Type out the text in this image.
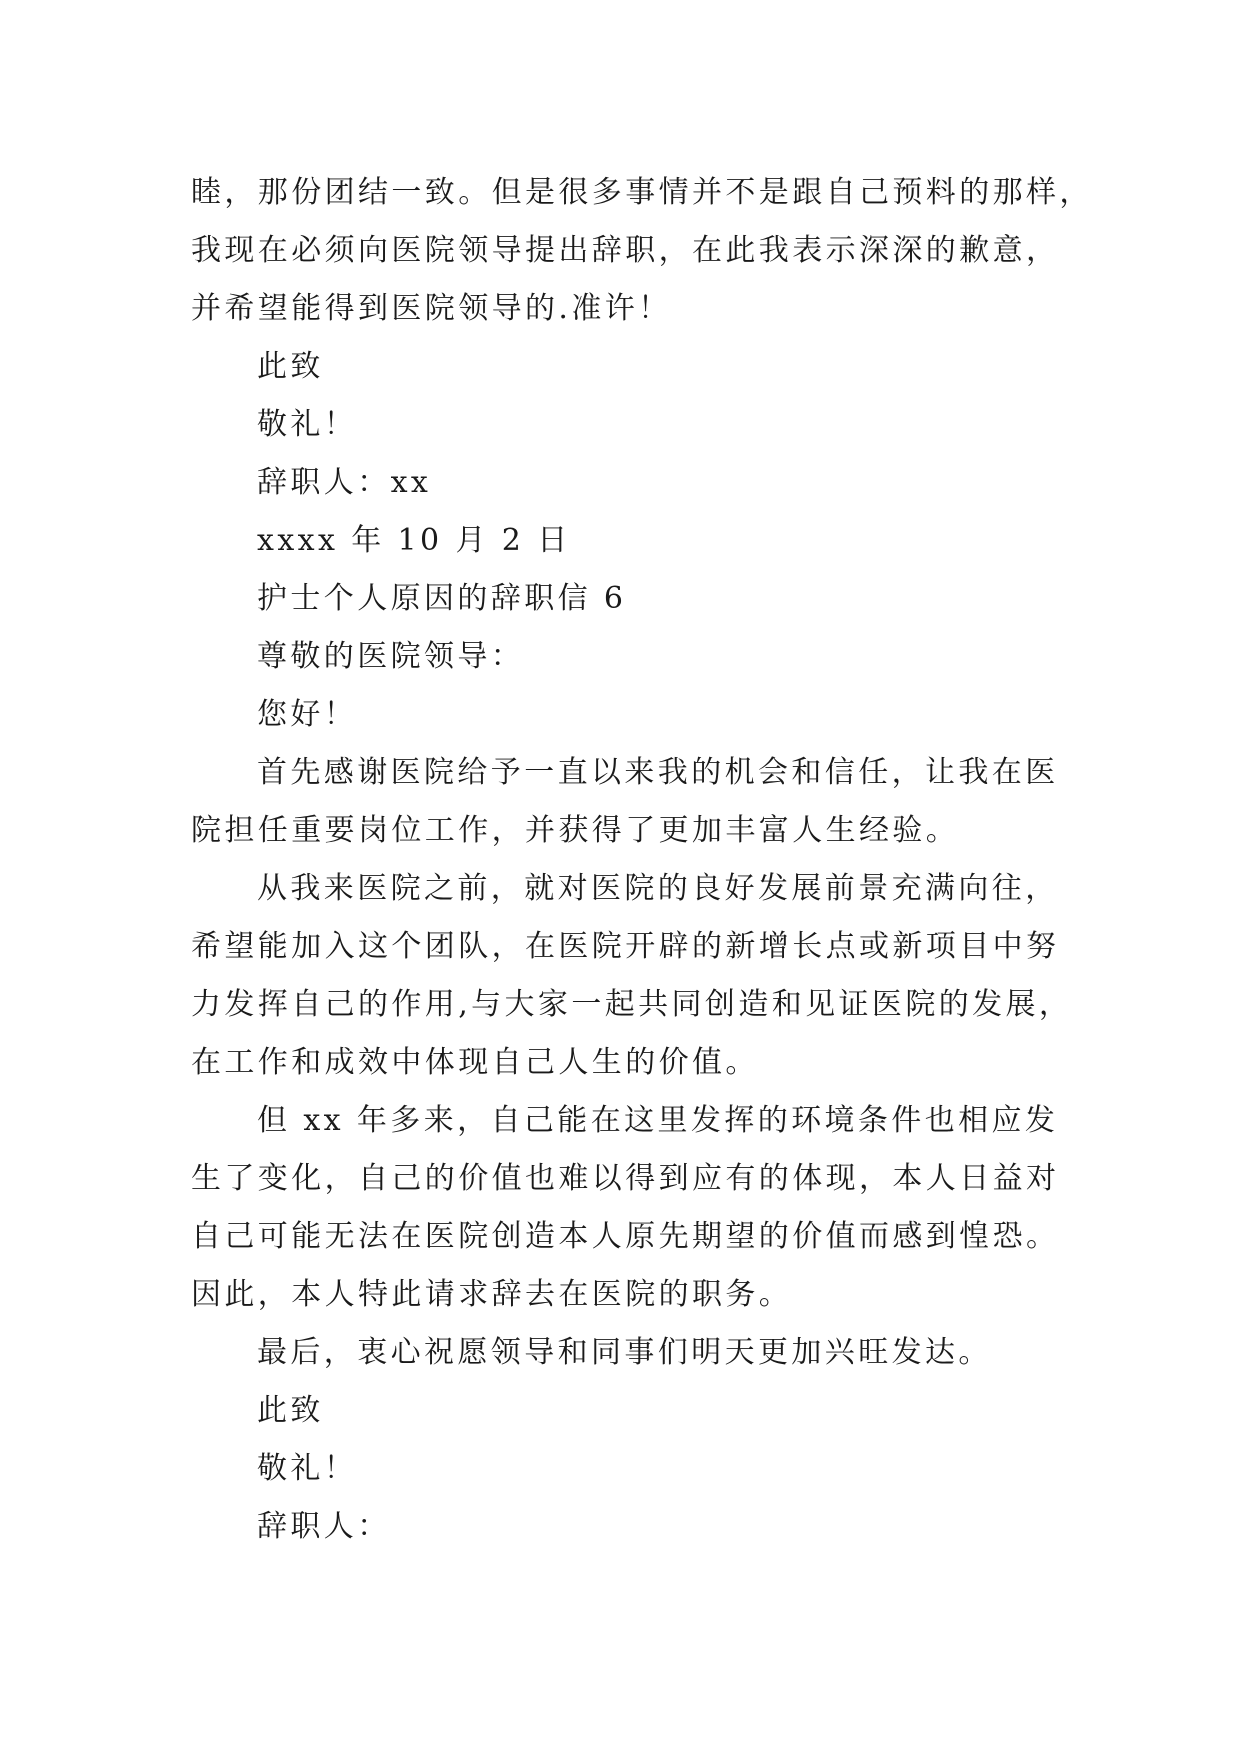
睦，那份团结一致。但是很多事情并不是跟自己预料的那样，

我现在必须向医院领导提出辞职，在此我表示深深的歉意，

并希望能得到医院领导的.准许！

此致

敬礼！

辞职人：xx

xxxx 年 10 月 2 日

护士个人原因的辞职信 6

尊敬的医院领导：

您好！

首先感谢医院给予一直以来我的机会和信任，让我在医

院担任重要岗位工作，并获得了更加丰富人生经验。

从我来医院之前，就对医院的良好发展前景充满向往，

希望能加入这个团队，在医院开辟的新增长点或新项目中努

力发挥自己的作用,与大家一起共同创造和见证医院的发展，

在工作和成效中体现自己人生的价值。

但 xx 年多来，自己能在这里发挥的环境条件也相应发

生了变化，自己的价值也难以得到应有的体现，本人日益对

自己可能无法在医院创造本人原先期望的价值而感到惶恐。

因此，本人特此请求辞去在医院的职务。

最后，衷心祝愿领导和同事们明天更加兴旺发达。

此致

敬礼！

辞职人：
